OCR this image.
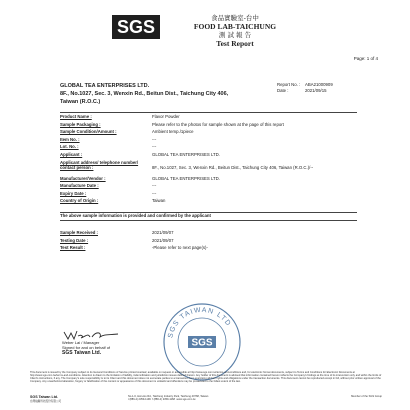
SGS	食品實驗室-台中
FOOD LAB-TAICHUNG
測 試 報 告
Test Report
Page: 1 of 4
GLOBAL TEA ENTERPRISES LTD.
8F., No.1027, Sec. 3, Wenxin Rd., Beitun Dist., Taichung City 406,
Taiwan (R.O.C.)
Report No. : ABA21000909
Date :	2021/09/15
Product Name :	Flavor Powder
Sample Packaging :	Please refer to the photos for sample shown at the page of this report
Sample Condition/Amount :	Ambient temp./1piece
Item No. :	---
Lot. No. :	---
Applicant :	GLOBAL TEA ENTERPRISES LTD.
Applicant address/ telephone number/ contact person :	8F., No.1027, Sec. 3, Wenxin Rd., Beitun Dist., Taichung City 406, Taiwan (R.O.C.)/--
Manufacturer/Vendor :	GLOBAL TEA ENTERPRISES LTD.
Manufacture Date :	---
Expiry Date :	---
Country of Origin :	Taiwan
The above sample information is provided and confirmed by the applicant
Sample Received :	2021/09/07
Testing Date :	2021/09/07
Test Result :	-Please refer to next page(s)-
Weber Lai / Manager
Signed for and on behalf of
SGS Taiwan Ltd.
SGS TAIWAN LTD
SGS
This document is issued by the Company subject to its General Conditions of Service printed overleaf, available on request or accessible at http://www.sgs.com.tw/terms-and-conditions and, for electronic format documents, subject to Terms and Conditions for Electronic Documents at http://www.sgs.com.tw/terms-and-conditions. Attention is drawn to the limitation of liability, indemnification and jurisdiction issues defined therein. Any holder of this document is advised that information contained hereon reflects the Company's findings at the time of its intervention only and within the limits of Client's instructions, if any. The Company's sole responsibility is to its Client and this document does not exonerate parties to a transaction from exercising all their rights and obligations under the transaction documents. This document cannot be reproduced except in full, without prior written approval of the Company. Any unauthorized alteration, forgery or falsification of the content or appearance of this document is unlawful and offenders may be prosecuted to the fullest extent of the law.
SGS Taiwan Ltd.
台灣檢驗科技股份有限公司
No.1-6, Hsin-Ho Rd., Taichung Industry Park, Taichung 40768, Taiwan
t (886-4) 2359-1199  f (886-4) 2359-1168  www.sgs.com.tw
Member of the SGS Group
